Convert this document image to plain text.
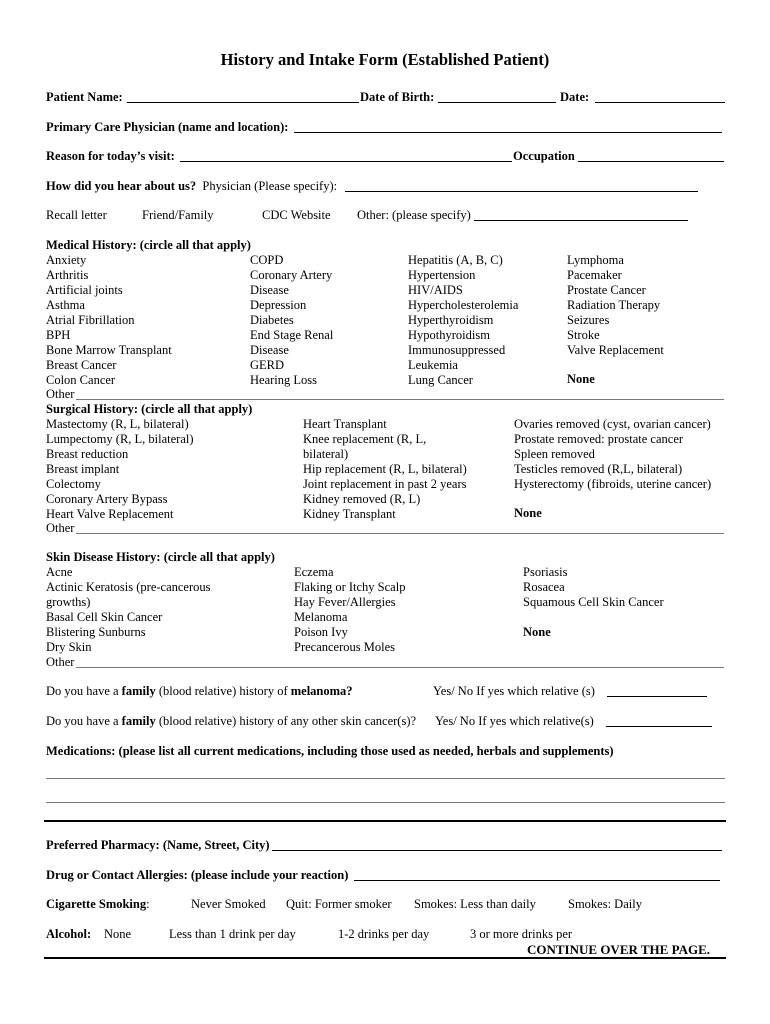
History and Intake Form (Established Patient)
Patient Name:	Date of Birth:	Date:
Primary Care Physician (name and location):
Reason for today’s visit:	Occupation
How did you hear about us? Physician (Please specify):
Recall letter	Friend/Family	CDC Website Other: (please specify)
Medical History: (circle all that apply)
Anxiety
Arthritis
Artificial joints
Asthma
Atrial Fibrillation
BPH
Bone Marrow Transplant
Breast Cancer
Colon Cancer
COPD
Coronary Artery
Disease
Depression
Diabetes
End Stage Renal
Disease
GERD
Hearing Loss
Hepatitis (A, B, C)
Hypertension
HIV/AIDS
Hypercholesterolemia
Hyperthyroidism
Hypothyroidism
Immunosuppressed
Leukemia
Lung Cancer
Lymphoma
Pacemaker
Prostate Cancer
Radiation Therapy
Seizures
Stroke
Valve Replacement
None
Other
Surgical History: (circle all that apply)
Mastectomy (R, L, bilateral)
Lumpectomy (R, L, bilateral)
Breast reduction
Breast implant
Colectomy
Coronary Artery Bypass
Heart Valve Replacement
Heart Transplant
Knee replacement (R, L,
bilateral)
Hip replacement (R, L, bilateral)
Joint replacement in past 2 years
Kidney removed (R, L)
Kidney Transplant
Ovaries removed (cyst, ovarian cancer)
Prostate removed: prostate cancer
Spleen removed
Testicles removed (R,L, bilateral)
Hysterectomy (fibroids, uterine cancer)
None
Other
Skin Disease History: (circle all that apply)
Acne
Actinic Keratosis (pre-cancerous
growths)
Basal Cell Skin Cancer
Blistering Sunburns
Dry Skin
Eczema
Flaking or Itchy Scalp
Hay Fever/Allergies
Melanoma
Poison Ivy
Precancerous Moles
Psoriasis
Rosacea
Squamous Cell Skin Cancer
None
Other
Do you have a family (blood relative) history of melanoma?	Yes/ No If yes which relative (s)
Do you have a family (blood relative) history of any other skin cancer(s)? Yes/ No If yes which relative(s)
Medications: (please list all current medications, including those used as needed, herbals and supplements)
Preferred Pharmacy: (Name, Street, City)
Drug or Contact Allergies: (please include your reaction)
Cigarette Smoking:	Never Smoked Quit: Former smoker Smokes: Less than daily	Smokes: Daily
Alcohol: None	Less than 1 drink per day	1-2 drinks per day	3 or more drinks per
CONTINUE OVER THE PAGE.
